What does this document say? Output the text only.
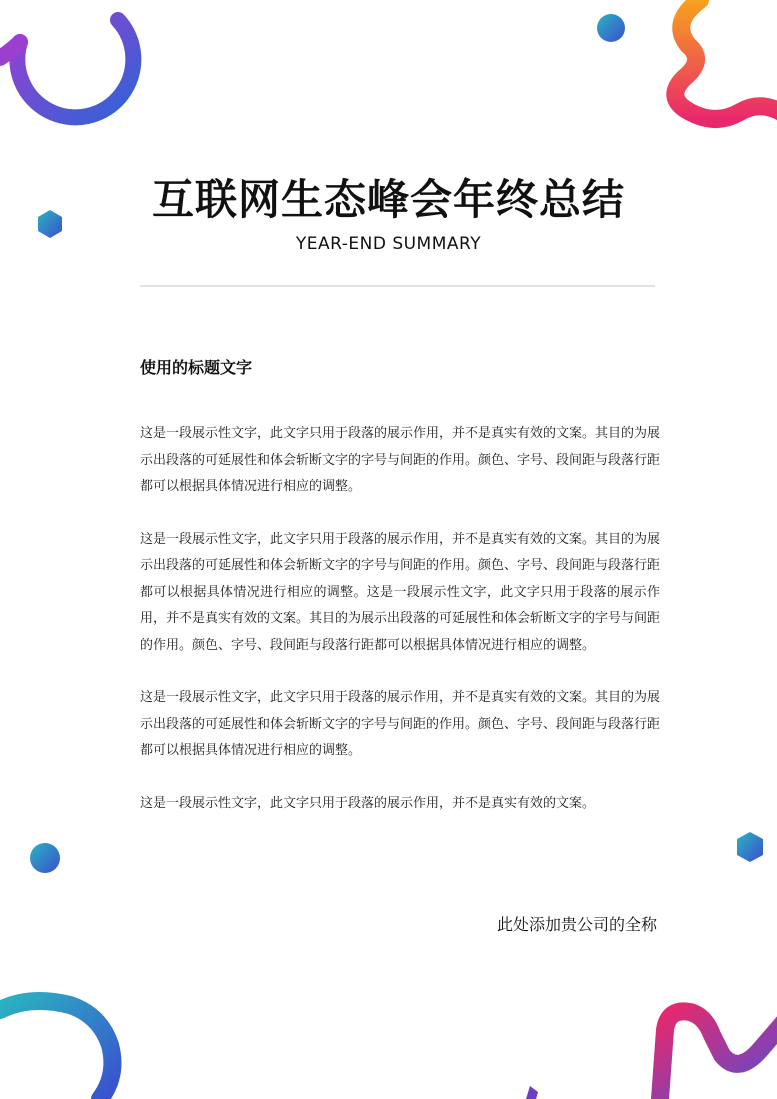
互联网生态峰会年终总结
YEAR-END SUMMARY
使用的标题文字

这是一段展示性文字，此文字只用于段落的展示作用，并不是真实有效的文案。其目的为展示出段落的可延展性和体会斩断文字的字号与间距的作用。颜色、字号、段间距与段落行距都可以根据具体情况进行相应的调整。

这是一段展示性文字，此文字只用于段落的展示作用，并不是真实有效的文案。其目的为展示出段落的可延展性和体会斩断文字的字号与间距的作用。颜色、字号、段间距与段落行距都可以根据具体情况进行相应的调整。这是一段展示性文字，此文字只用于段落的展示作用，并不是真实有效的文案。其目的为展示出段落的可延展性和体会斩断文字的字号与间距的作用。颜色、字号、段间距与段落行距都可以根据具体情况进行相应的调整。

这是一段展示性文字，此文字只用于段落的展示作用，并不是真实有效的文案。其目的为展示出段落的可延展性和体会斩断文字的字号与间距的作用。颜色、字号、段间距与段落行距都可以根据具体情况进行相应的调整。

这是一段展示性文字，此文字只用于段落的展示作用，并不是真实有效的文案。

此处添加贵公司的全称
